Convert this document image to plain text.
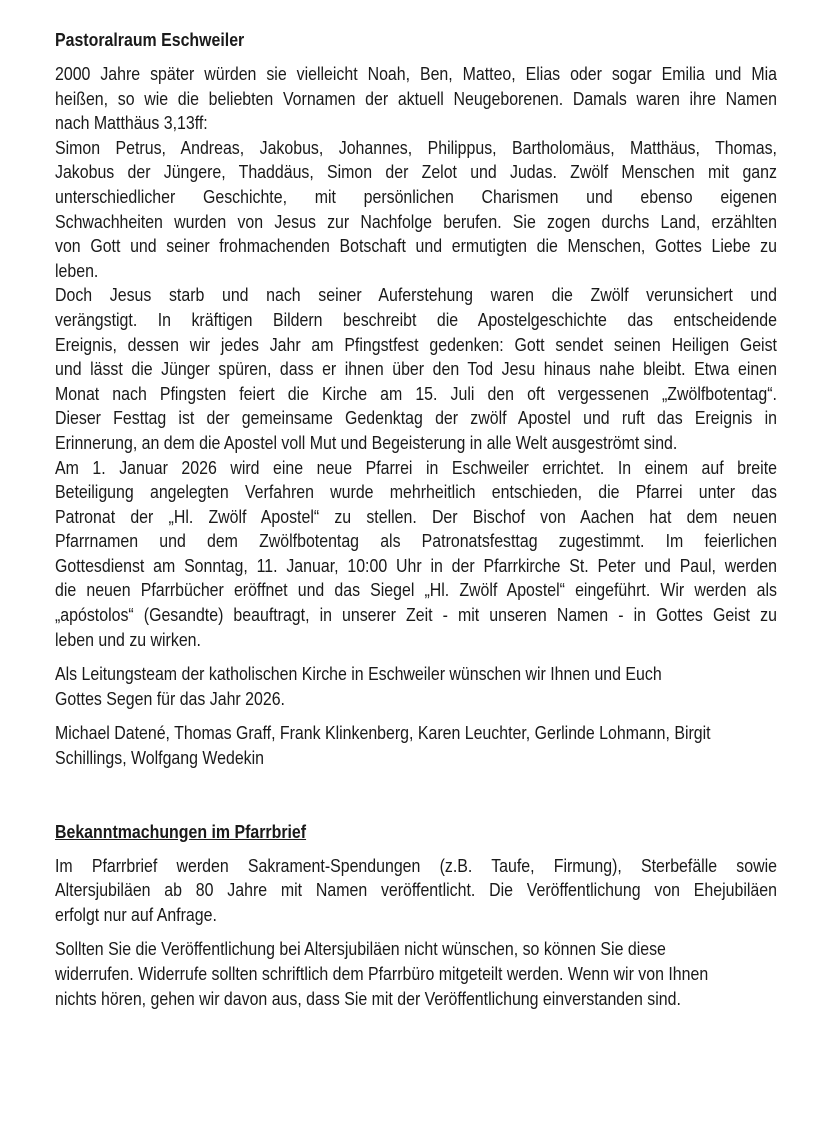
Pastoralraum Eschweiler
2000 Jahre später würden sie vielleicht Noah, Ben, Matteo, Elias oder sogar Emilia und Mia
heißen, so wie die beliebten Vornamen der aktuell Neugeborenen. Damals waren ihre Namen
nach Matthäus 3,13ff:
Simon Petrus, Andreas, Jakobus, Johannes, Philippus, Bartholomäus, Matthäus, Thomas,
Jakobus der Jüngere, Thaddäus, Simon der Zelot und Judas. Zwölf Menschen mit ganz
unterschiedlicher Geschichte, mit persönlichen Charismen und ebenso eigenen
Schwachheiten wurden von Jesus zur Nachfolge berufen. Sie zogen durchs Land, erzählten
von Gott und seiner frohmachenden Botschaft und ermutigten die Menschen, Gottes Liebe zu
leben.
Doch Jesus starb und nach seiner Auferstehung waren die Zwölf verunsichert und
verängstigt. In kräftigen Bildern beschreibt die Apostelgeschichte das entscheidende
Ereignis, dessen wir jedes Jahr am Pfingstfest gedenken: Gott sendet seinen Heiligen Geist
und lässt die Jünger spüren, dass er ihnen über den Tod Jesu hinaus nahe bleibt. Etwa einen
Monat nach Pfingsten feiert die Kirche am 15. Juli den oft vergessenen „Zwölfbotentag“.
Dieser Festtag ist der gemeinsame Gedenktag der zwölf Apostel und ruft das Ereignis in
Erinnerung, an dem die Apostel voll Mut und Begeisterung in alle Welt ausgeströmt sind.
Am 1. Januar 2026 wird eine neue Pfarrei in Eschweiler errichtet. In einem auf breite
Beteiligung angelegten Verfahren wurde mehrheitlich entschieden, die Pfarrei unter das
Patronat der „Hl. Zwölf Apostel“ zu stellen. Der Bischof von Aachen hat dem neuen
Pfarrnamen und dem Zwölfbotentag als Patronatsfesttag zugestimmt. Im feierlichen
Gottesdienst am Sonntag, 11. Januar, 10:00 Uhr in der Pfarrkirche St. Peter und Paul, werden
die neuen Pfarrbücher eröffnet und das Siegel „Hl. Zwölf Apostel“ eingeführt. Wir werden als
„apóstolos“ (Gesandte) beauftragt, in unserer Zeit - mit unseren Namen - in Gottes Geist zu
leben und zu wirken.
Als Leitungsteam der katholischen Kirche in Eschweiler wünschen wir Ihnen und Euch
Gottes Segen für das Jahr 2026.
Michael Datené, Thomas Graff, Frank Klinkenberg, Karen Leuchter, Gerlinde Lohmann, Birgit
Schillings, Wolfgang Wedekin
Bekanntmachungen im Pfarrbrief
Im Pfarrbrief werden Sakrament-Spendungen (z.B. Taufe, Firmung), Sterbefälle sowie
Altersjubiläen ab 80 Jahre mit Namen veröffentlicht. Die Veröffentlichung von Ehejubiläen
erfolgt nur auf Anfrage.
Sollten Sie die Veröffentlichung bei Altersjubiläen nicht wünschen, so können Sie diese
widerrufen. Widerrufe sollten schriftlich dem Pfarrbüro mitgeteilt werden. Wenn wir von Ihnen
nichts hören, gehen wir davon aus, dass Sie mit der Veröffentlichung einverstanden sind.
